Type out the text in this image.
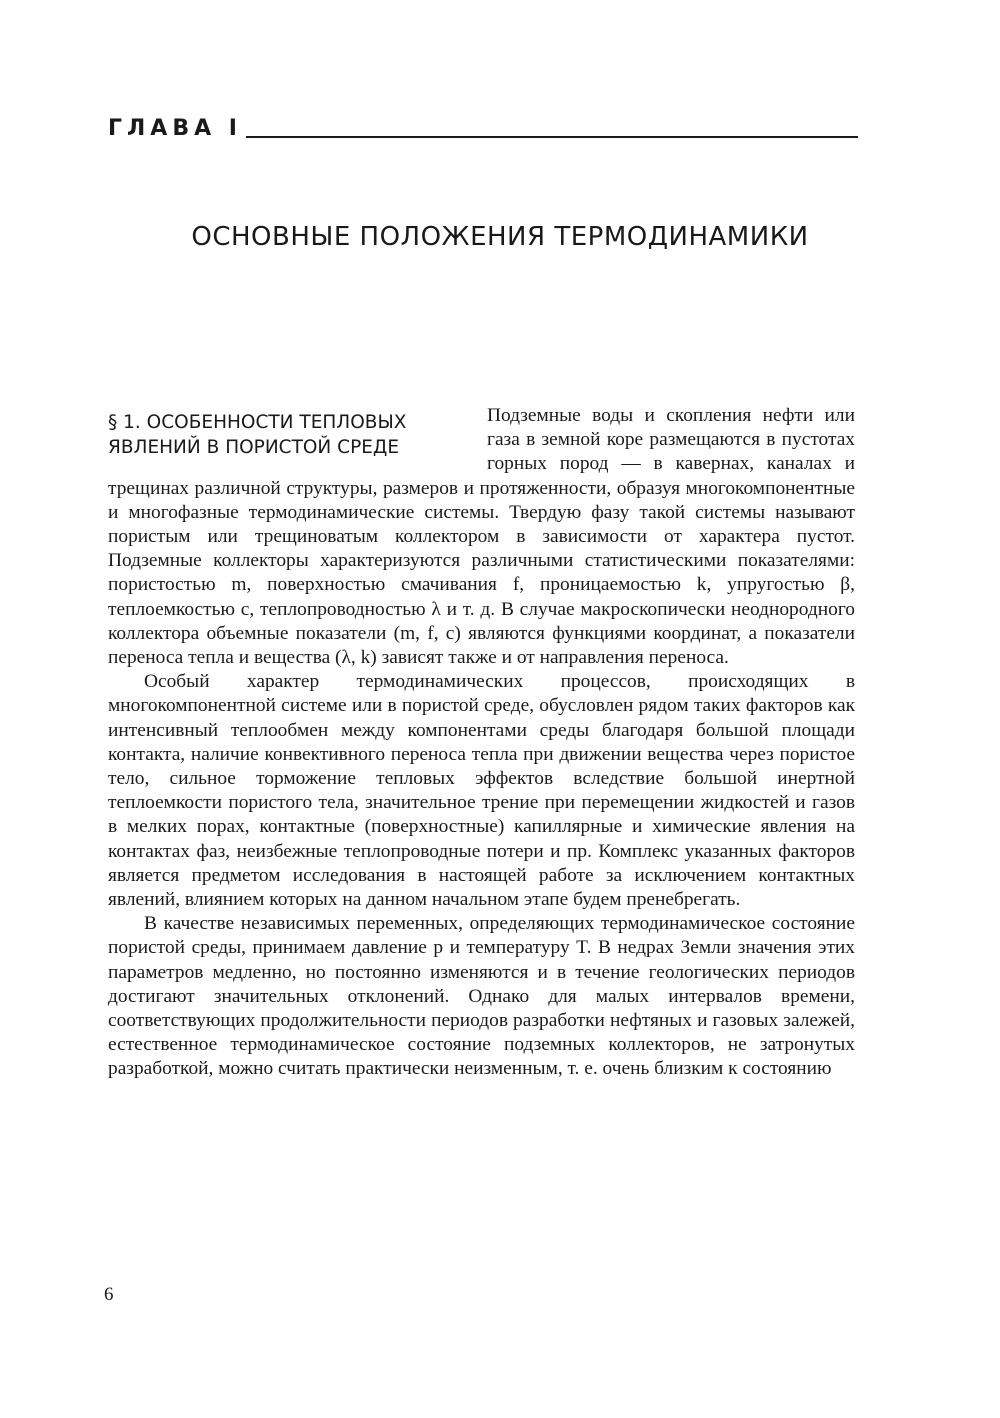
ГЛАВА I
ОСНОВНЫЕ ПОЛОЖЕНИЯ ТЕРМОДИНАМИКИ
§ 1. ОСОБЕННОСТИ ТЕПЛОВЫХ ЯВЛЕНИЙ В ПОРИСТОЙ СРЕДЕ

Подземные воды и скопления нефти или газа в земной коре размещаются в пустотах горных пород — в кавернах, каналах и трещинах различной структуры, размеров и протяженности, образуя многокомпонентные и многофазные термодинамические системы. Твердую фазу такой системы называют пористым или трещиноватым коллектором в зависимости от характера пустот. Подземные коллекторы характеризуются различными статистическими показателями: пористостью m, поверхностью смачивания f, проницаемостью k, упругостью β, теплоемкостью c, теплопроводностью λ и т. д. В случае макроскопически неоднородного коллектора объемные показатели (m, f, c) являются функциями координат, а показатели переноса тепла и вещества (λ, k) зависят также и от направления переноса.

Особый характер термодинамических процессов, происходящих в многокомпонентной системе или в пористой среде, обусловлен рядом таких факторов как интенсивный теплообмен между компонентами среды благодаря большой площади контакта, наличие конвективного переноса тепла при движении вещества через пористое тело, сильное торможение тепловых эффектов вследствие большой инертной теплоемкости пористого тела, значительное трение при перемещении жидкостей и газов в мелких порах, контактные (поверхностные) капиллярные и химические явления на контактах фаз, неизбежные теплопроводные потери и пр. Комплекс указанных факторов является предметом исследования в настоящей работе за исключением контактных явлений, влиянием которых на данном начальном этапе будем пренебрегать.

В качестве независимых переменных, определяющих термодинамическое состояние пористой среды, принимаем давление p и температуру T. В недрах Земли значения этих параметров медленно, но постоянно изменяются и в течение геологических периодов достигают значительных отклонений. Однако для малых интервалов времени, соответствующих продолжительности периодов разработки нефтяных и газовых залежей, естественное термодинамическое состояние подземных коллекторов, не затронутых разработкой, можно считать практически неизменным, т. е. очень близким к состоянию

6
